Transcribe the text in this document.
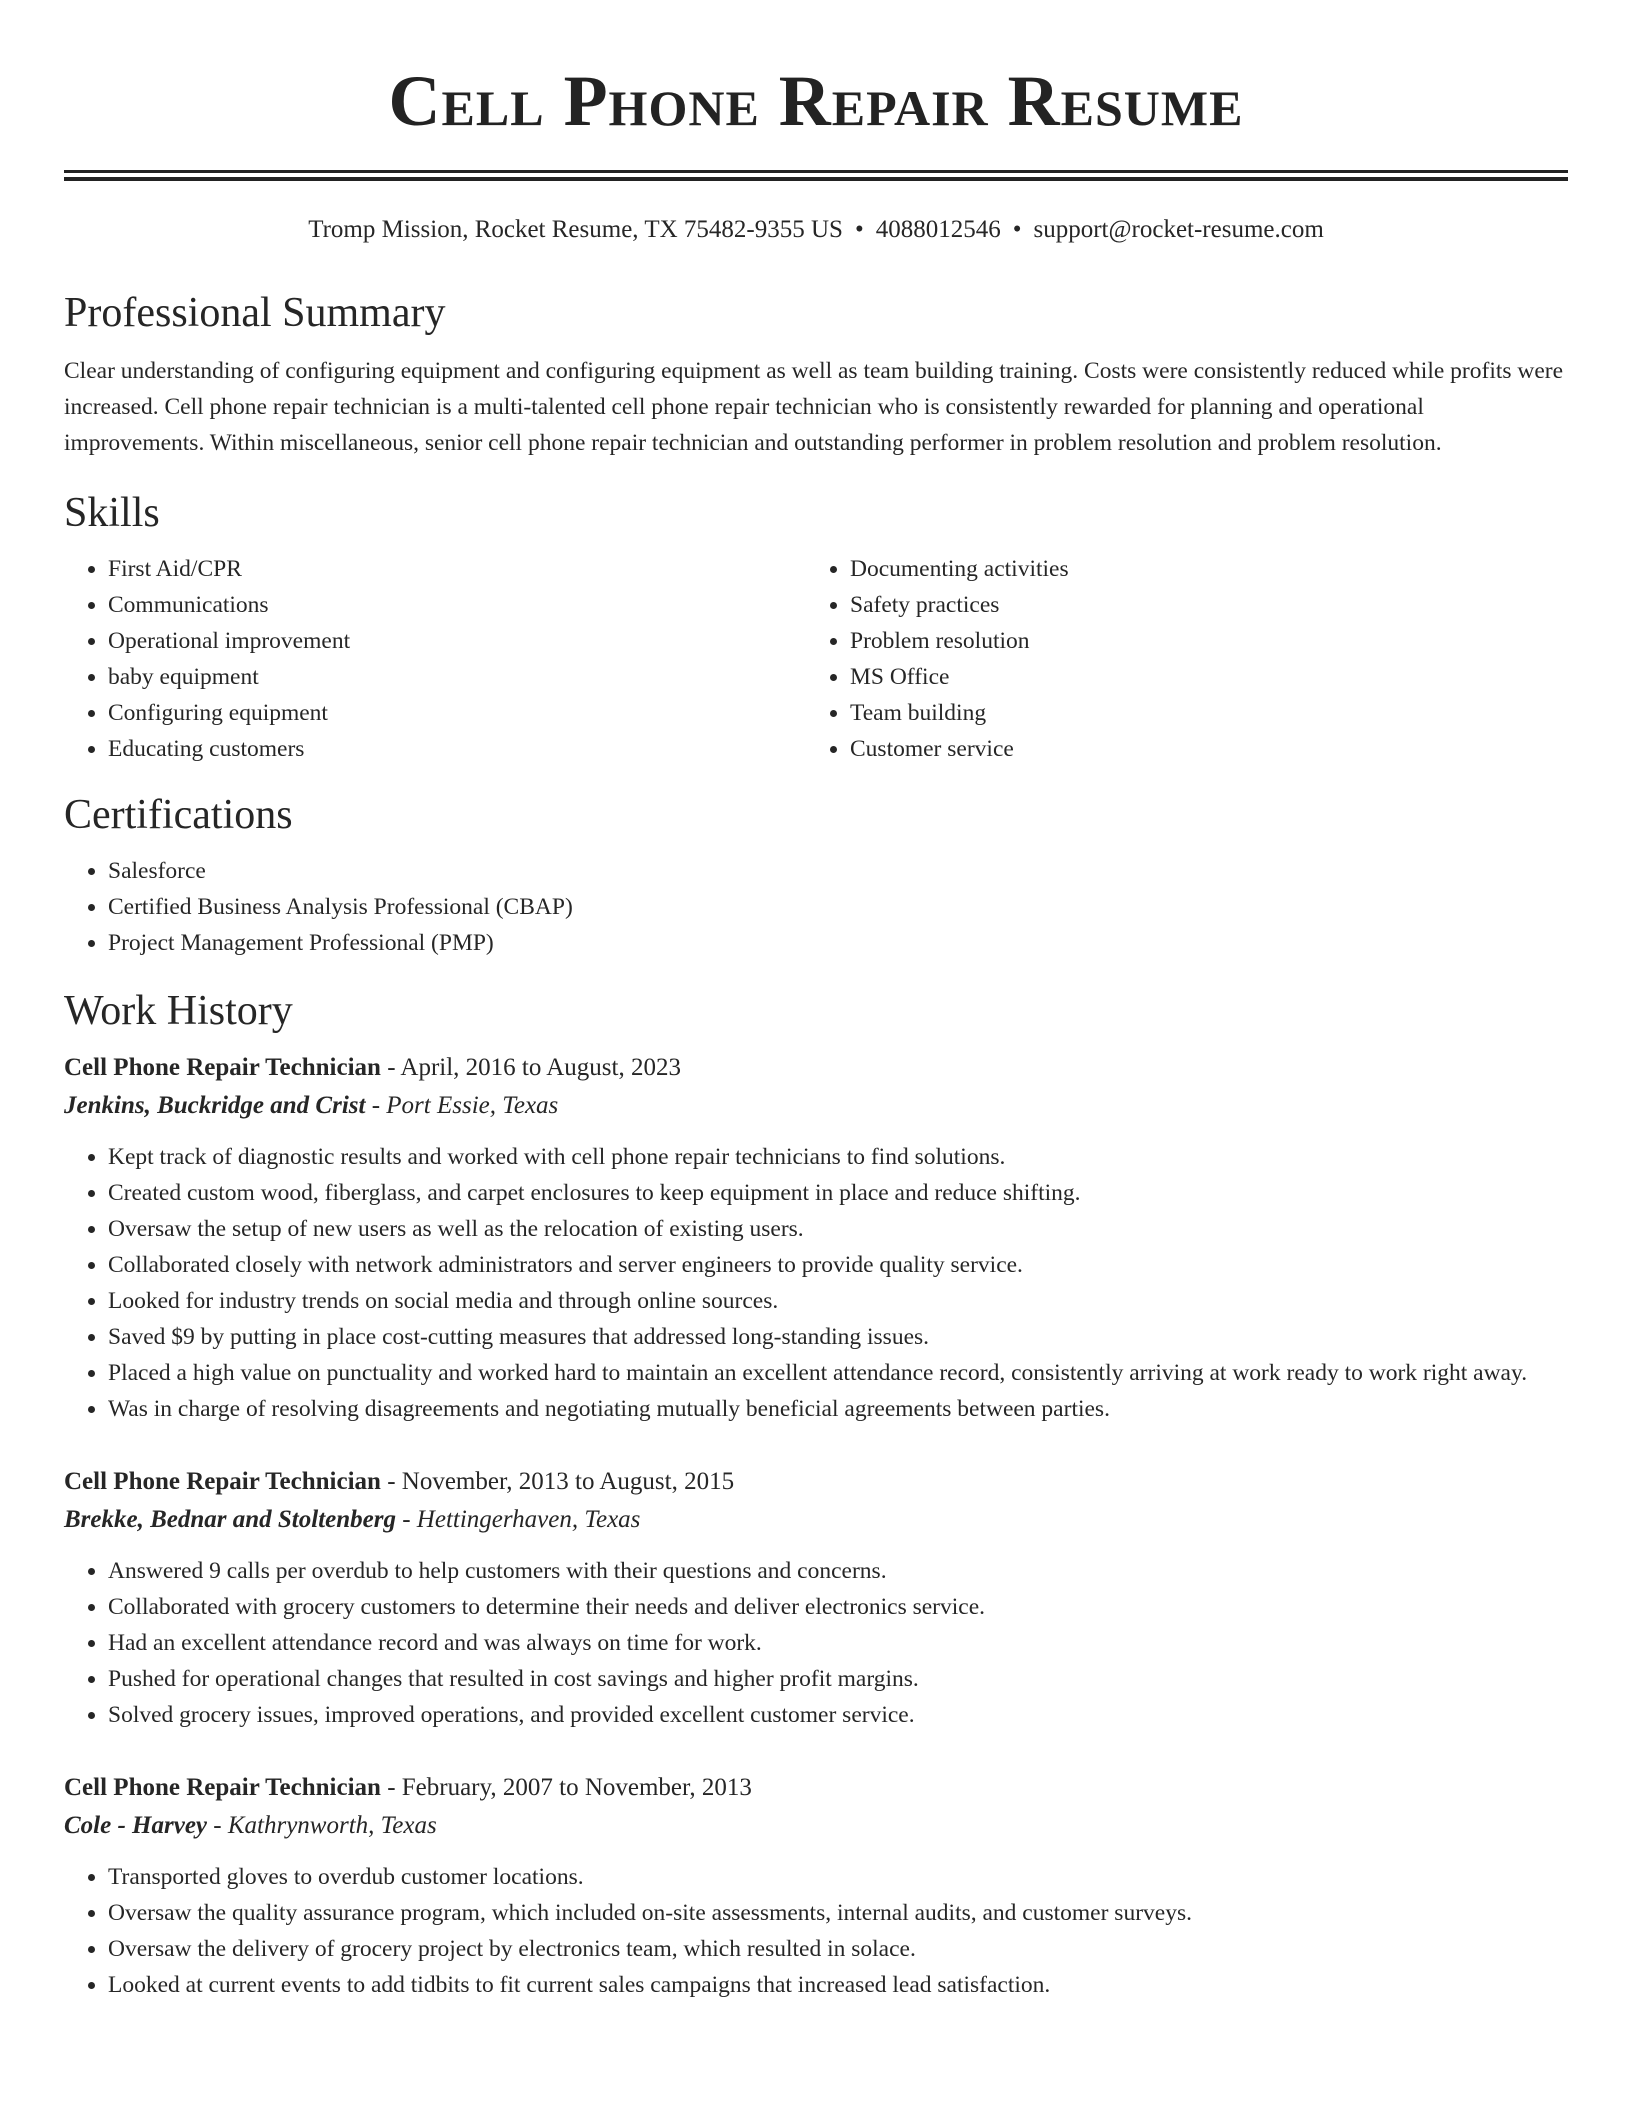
Cell Phone Repair Resume
Tromp Mission, Rocket Resume, TX 75482-9355 US • 4088012546 • support@rocket-resume.com
Professional Summary

Clear understanding of configuring equipment and configuring equipment as well as team building training. Costs were consistently reduced while profits were increased. Cell phone repair technician is a multi-talented cell phone repair technician who is consistently rewarded for planning and operational improvements. Within miscellaneous, senior cell phone repair technician and outstanding performer in problem resolution and problem resolution.

Skills
• First Aid/CPR
• Communications
• Operational improvement
• baby equipment
• Configuring equipment
• Educating customers
• Documenting activities
• Safety practices
• Problem resolution
• MS Office
• Team building
• Customer service
Certifications
• Salesforce
• Certified Business Analysis Professional (CBAP)
• Project Management Professional (PMP)
Work History
Cell Phone Repair Technician - April, 2016 to August, 2023
Jenkins, Buckridge and Crist - Port Essie, Texas
• Kept track of diagnostic results and worked with cell phone repair technicians to find solutions.
• Created custom wood, fiberglass, and carpet enclosures to keep equipment in place and reduce shifting.
• Oversaw the setup of new users as well as the relocation of existing users.
• Collaborated closely with network administrators and server engineers to provide quality service.
• Looked for industry trends on social media and through online sources.
• Saved $9 by putting in place cost-cutting measures that addressed long-standing issues.
• Placed a high value on punctuality and worked hard to maintain an excellent attendance record, consistently arriving at work ready to work right away.
• Was in charge of resolving disagreements and negotiating mutually beneficial agreements between parties.
Cell Phone Repair Technician - November, 2013 to August, 2015
Brekke, Bednar and Stoltenberg - Hettingerhaven, Texas
• Answered 9 calls per overdub to help customers with their questions and concerns.
• Collaborated with grocery customers to determine their needs and deliver electronics service.
• Had an excellent attendance record and was always on time for work.
• Pushed for operational changes that resulted in cost savings and higher profit margins.
• Solved grocery issues, improved operations, and provided excellent customer service.
Cell Phone Repair Technician - February, 2007 to November, 2013
Cole - Harvey - Kathrynworth, Texas
• Transported gloves to overdub customer locations.
• Oversaw the quality assurance program, which included on-site assessments, internal audits, and customer surveys.
• Oversaw the delivery of grocery project by electronics team, which resulted in solace.
• Looked at current events to add tidbits to fit current sales campaigns that increased lead satisfaction.
